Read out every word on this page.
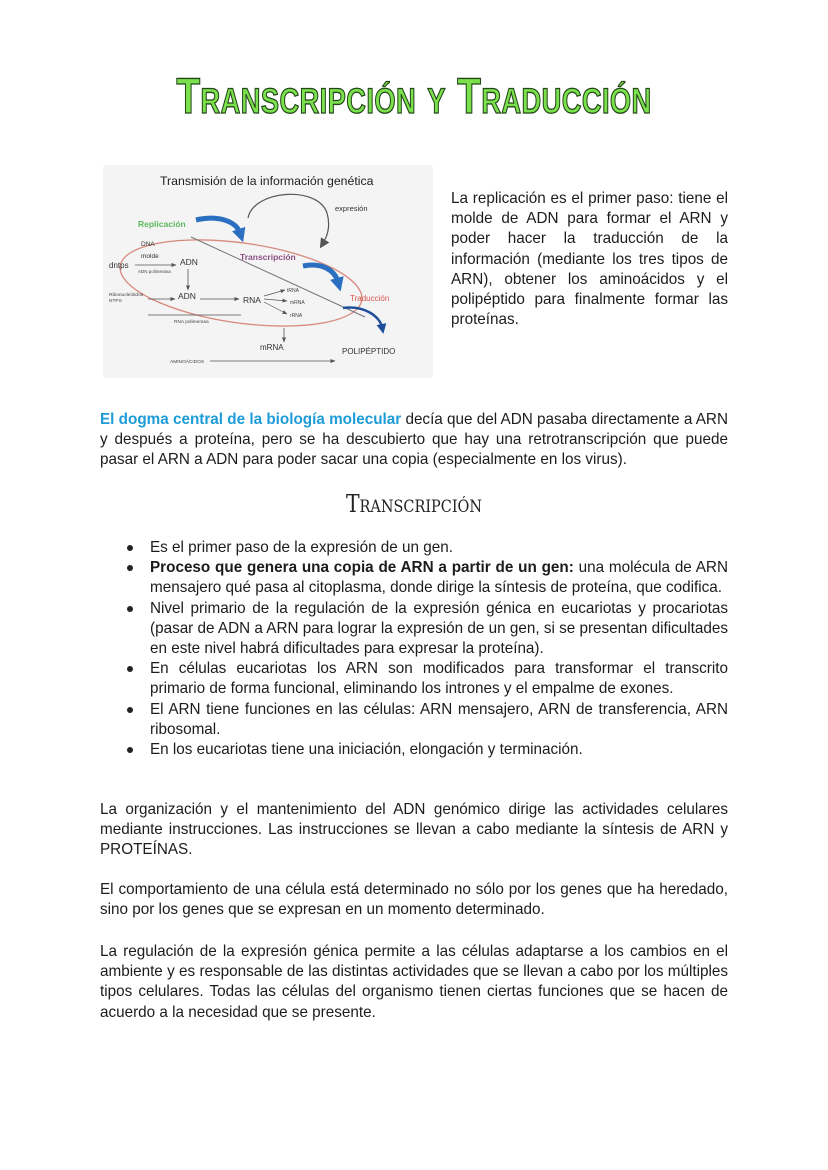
Transcripción y Traducción
Transmisión de la información genética
expresión
Replicación
DNA
molde
dntps
ADN polimerasa
ADN	Transcripción
Ribonucleótidos
NTPS
ADN	RNA
tRNA
mRNA
rRNA
Traducción
RNA polimerasa
mRNA	POLIPÉPTIDO
AMINOÁCIDOS

La replicación es el primer paso: tiene el molde de ADN para formar el ARN y poder hacer la traducción de la información (mediante los tres tipos de ARN), obtener los aminoácidos y el polipéptido para finalmente formar las proteínas.

El dogma central de la biología molecular decía que del ADN pasaba directamente a ARN y después a proteína, pero se ha descubierto que hay una retrotranscripción que puede pasar el ARN a ADN para poder sacar una copia (especialmente en los virus).

Transcripción
Es el primer paso de la expresión de un gen.
Proceso que genera una copia de ARN a partir de un gen: una molécula de ARN mensajero qué pasa al citoplasma, donde dirige la síntesis de proteína, que codifica.
Nivel primario de la regulación de la expresión génica en eucariotas y procariotas (pasar de ADN a ARN para lograr la expresión de un gen, si se presentan dificultades en este nivel habrá dificultades para expresar la proteína).
En células eucariotas los ARN son modificados para transformar el transcrito primario de forma funcional, eliminando los intrones y el empalme de exones.
El ARN tiene funciones en las células: ARN mensajero, ARN de transferencia, ARN ribosomal.
En los eucariotas tiene una iniciación, elongación y terminación.

La organización y el mantenimiento del ADN genómico dirige las actividades celulares mediante instrucciones. Las instrucciones se llevan a cabo mediante la síntesis de ARN y PROTEÍNAS.

El comportamiento de una célula está determinado no sólo por los genes que ha heredado, sino por los genes que se expresan en un momento determinado.

La regulación de la expresión génica permite a las células adaptarse a los cambios en el ambiente y es responsable de las distintas actividades que se llevan a cabo por los múltiples tipos celulares. Todas las células del organismo tienen ciertas funciones que se hacen de acuerdo a la necesidad que se presente.
